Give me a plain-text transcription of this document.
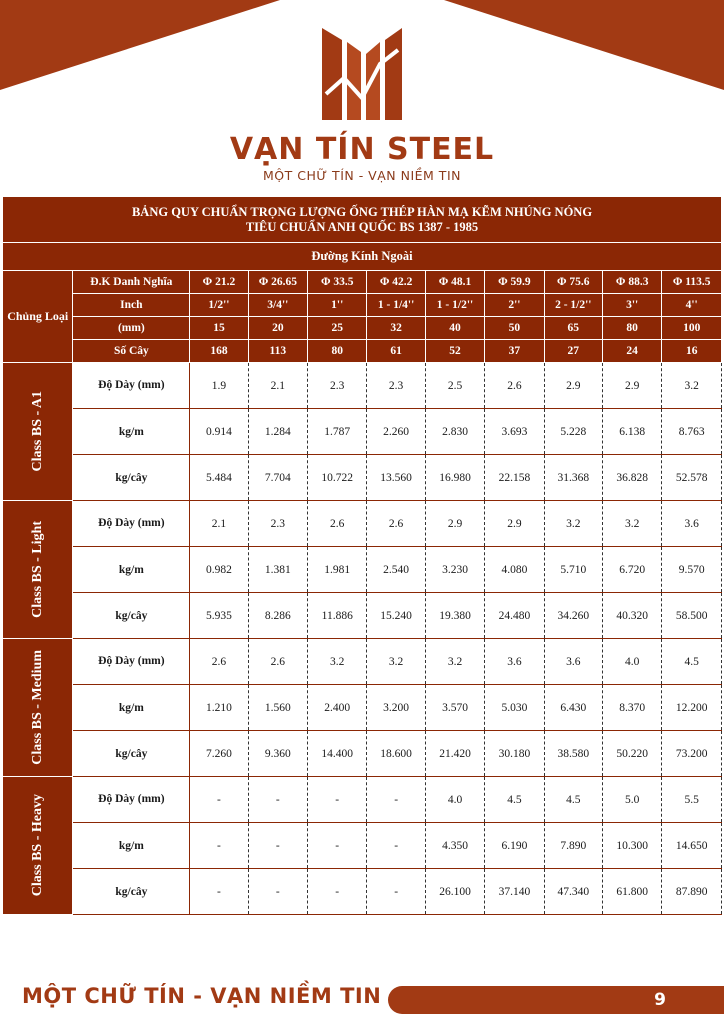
VẠN TÍN STEEL
MỘT CHỮ TÍN - VẠN NIỀM TIN
BẢNG QUY CHUẨN TRỌNG LƯỢNG ỐNG THÉP HÀN MẠ KẼM NHÚNG NÓNG
TIÊU CHUẨN ANH QUỐC BS 1387 - 1985										

Đường Kính Ngoài										
Chủng Loại	Đ.K Danh Nghĩa	Φ 21.2	Φ 26.65	Φ 33.5	Φ 42.2	Φ 48.1	Φ 59.9	Φ 75.6	Φ 88.3	Φ 113.5
	Inch	1/2''	3/4''	1''	1 - 1/4''	1 - 1/2''	2''	2 - 1/2''	3''	4''
	(mm)	15	20	25	32	40	50	65	80	100
	Số Cây	168	113	80	61	52	37	27	24	16

Class BS - A1	Độ Dày (mm)	1.9	2.1	2.3	2.3	2.5	2.6	2.9	2.9	3.2
	kg/m	0.914	1.284	1.787	2.260	2.830	3.693	5.228	6.138	8.763
	kg/cây	5.484	7.704	10.722	13.560	16.980	22.158	31.368	36.828	52.578

Class BS - Light	Độ Dày (mm)	2.1	2.3	2.6	2.6	2.9	2.9	3.2	3.2	3.6
	kg/m	0.982	1.381	1.981	2.540	3.230	4.080	5.710	6.720	9.570
	kg/cây	5.935	8.286	11.886	15.240	19.380	24.480	34.260	40.320	58.500

Class BS - Medium	Độ Dày (mm)	2.6	2.6	3.2	3.2	3.2	3.6	3.6	4.0	4.5
	kg/m	1.210	1.560	2.400	3.200	3.570	5.030	6.430	8.370	12.200
	kg/cây	7.260	9.360	14.400	18.600	21.420	30.180	38.580	50.220	73.200

Class BS - Heavy	Độ Dày (mm)	-	-	-	-	4.0	4.5	4.5	5.0	5.5
	kg/m	-	-	-	-	4.350	6.190	7.890	10.300	14.650
	kg/cây	-	-	-	-	26.100	37.140	47.340	61.800	87.890
MỘT CHỮ TÍN - VẠN NIỀM TIN	9
